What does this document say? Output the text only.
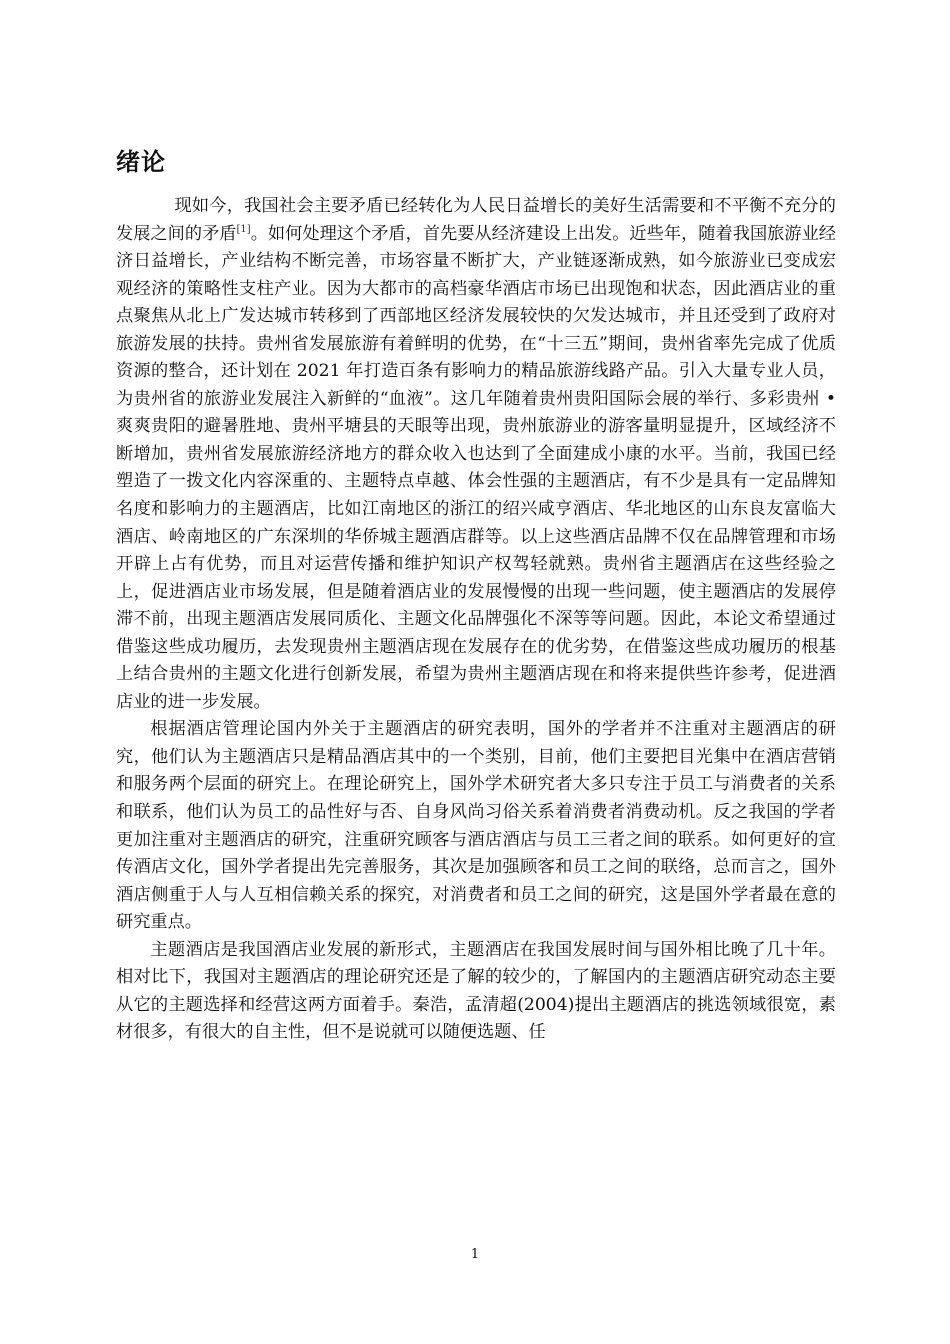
绪论

现如今，我国社会主要矛盾已经转化为人民日益增长的美好生活需要和不平衡不充分的发展之间的矛盾[1]。如何处理这个矛盾，首先要从经济建设上出发。近些年，随着我国旅游业经济日益增长，产业结构不断完善，市场容量不断扩大，产业链逐渐成熟，如今旅游业已变成宏观经济的策略性支柱产业。因为大都市的高档豪华酒店市场已出现饱和状态，因此酒店业的重点聚焦从北上广发达城市转移到了西部地区经济发展较快的欠发达城市，并且还受到了政府对旅游发展的扶持。贵州省发展旅游有着鲜明的优势，在“十三五”期间，贵州省率先完成了优质资源的整合，还计划在 2021 年打造百条有影响力的精品旅游线路产品。引入大量专业人员，为贵州省的旅游业发展注入新鲜的“血液”。这几年随着贵州贵阳国际会展的举行、多彩贵州 • 爽爽贵阳的避暑胜地、贵州平塘县的天眼等出现，贵州旅游业的游客量明显提升，区域经济不断增加，贵州省发展旅游经济地方的群众收入也达到了全面建成小康的水平。当前，我国已经塑造了一拨文化内容深重的、主题特点卓越、体会性强的主题酒店，有不少是具有一定品牌知名度和影响力的主题酒店，比如江南地区的浙江的绍兴咸亨酒店、华北地区的山东良友富临大酒店、岭南地区的广东深圳的华侨城主题酒店群等。以上这些酒店品牌不仅在品牌管理和市场开辟上占有优势，而且对运营传播和维护知识产权驾轻就熟。贵州省主题酒店在这些经验之上，促进酒店业市场发展，但是随着酒店业的发展慢慢的出现一些问题，使主题酒店的发展停滞不前，出现主题酒店发展同质化、主题文化品牌强化不深等等问题。因此，本论文希望通过借鉴这些成功履历，去发现贵州主题酒店现在发展存在的优劣势，在借鉴这些成功履历的根基上结合贵州的主题文化进行创新发展，希望为贵州主题酒店现在和将来提供些许参考，促进酒店业的进一步发展。

根据酒店管理论国内外关于主题酒店的研究表明，国外的学者并不注重对主题酒店的研究，他们认为主题酒店只是精品酒店其中的一个类别，目前，他们主要把目光集中在酒店营销和服务两个层面的研究上。在理论研究上，国外学术研究者大多只专注于员工与消费者的关系和联系，他们认为员工的品性好与否、自身风尚习俗关系着消费者消费动机。反之我国的学者更加注重对主题酒店的研究，注重研究顾客与酒店酒店与员工三者之间的联系。如何更好的宣传酒店文化，国外学者提出先完善服务，其次是加强顾客和员工之间的联络，总而言之，国外酒店侧重于人与人互相信赖关系的探究，对消费者和员工之间的研究，这是国外学者最在意的研究重点。

主题酒店是我国酒店业发展的新形式，主题酒店在我国发展时间与国外相比晚了几十年。相对比下，我国对主题酒店的理论研究还是了解的较少的，了解国内的主题酒店研究动态主要从它的主题选择和经营这两方面着手。秦浩，孟清超(2004)提出主题酒店的挑选领域很宽，素材很多，有很大的自主性，但不是说就可以随便选题、任

1
